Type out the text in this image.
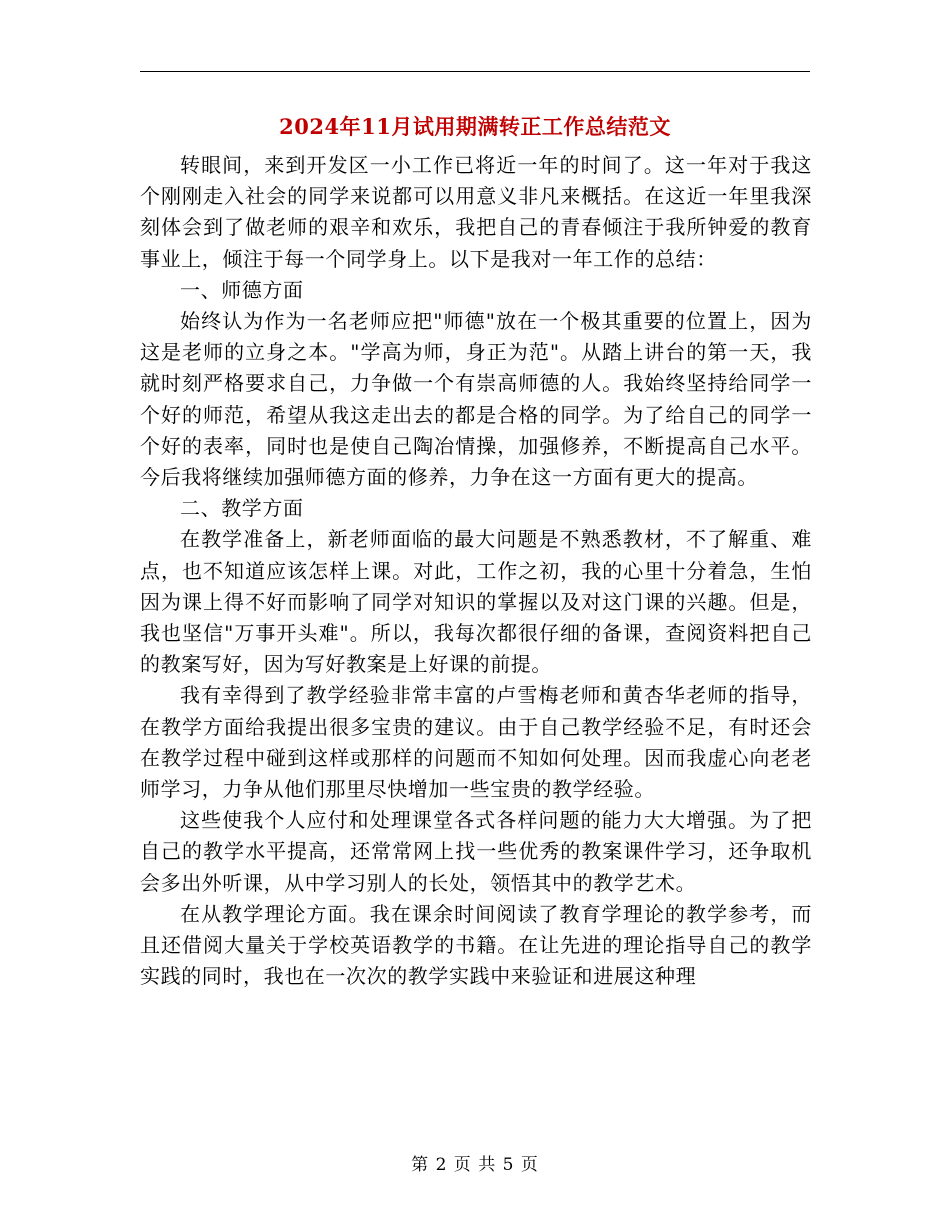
2024年11月试用期满转正工作总结范文

转眼间，来到开发区一小工作已将近一年的时间了。这一年对于我这个刚刚走入社会的同学来说都可以用意义非凡来概括。在这近一年里我深刻体会到了做老师的艰辛和欢乐，我把自己的青春倾注于我所钟爱的教育事业上，倾注于每一个同学身上。以下是我对一年工作的总结：

一、师德方面

始终认为作为一名老师应把"师德"放在一个极其重要的位置上，因为这是老师的立身之本。"学高为师，身正为范"。从踏上讲台的第一天，我就时刻严格要求自己，力争做一个有崇高师德的人。我始终坚持给同学一个好的师范，希望从我这走出去的都是合格的同学。为了给自己的同学一个好的表率，同时也是使自己陶冶情操，加强修养，不断提高自己水平。今后我将继续加强师德方面的修养，力争在这一方面有更大的提高。

二、教学方面

在教学准备上，新老师面临的最大问题是不熟悉教材，不了解重、难点，也不知道应该怎样上课。对此，工作之初，我的心里十分着急，生怕因为课上得不好而影响了同学对知识的掌握以及对这门课的兴趣。但是，我也坚信"万事开头难"。所以，我每次都很仔细的备课，查阅资料把自己的教案写好，因为写好教案是上好课的前提。

我有幸得到了教学经验非常丰富的卢雪梅老师和黄杏华老师的指导，在教学方面给我提出很多宝贵的建议。由于自己教学经验不足，有时还会在教学过程中碰到这样或那样的问题而不知如何处理。因而我虚心向老老师学习，力争从他们那里尽快增加一些宝贵的教学经验。

这些使我个人应付和处理课堂各式各样问题的能力大大增强。为了把自己的教学水平提高，还常常网上找一些优秀的教案课件学习，还争取机会多出外听课，从中学习别人的长处，领悟其中的教学艺术。

在从教学理论方面。我在课余时间阅读了教育学理论的教学参考，而且还借阅大量关于学校英语教学的书籍。在让先进的理论指导自己的教学实践的同时，我也在一次次的教学实践中来验证和进展这种理

第 2 页 共 5 页
